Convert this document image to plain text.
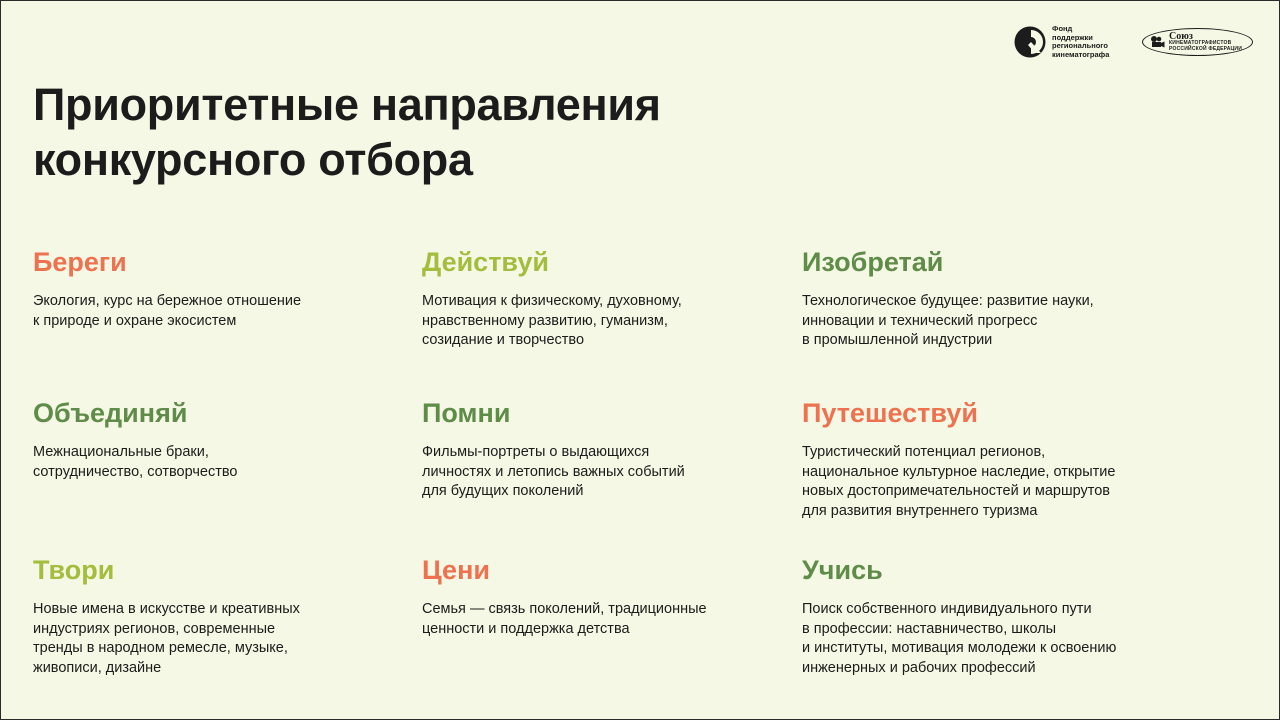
Фонд поддержки
регионального
кинематографа
Союз
КИНЕМАТОГРАФИСТОВ
РОССИЙСКОЙ ФЕДЕРАЦИИ
Приоритетные направления
конкурсного отбора
Береги

Экология, курс на бережное отношение
к природе и охране экосистем

Действуй

Мотивация к физическому, духовному,
нравственному развитию, гуманизм,
созидание и творчество

Изобретай

Технологическое будущее: развитие науки,
инновации и технический прогресс
в промышленной индустрии

Объединяй

Межнациональные браки,
сотрудничество, сотворчество

Помни

Фильмы-портреты о выдающихся
личностях и летопись важных событий
для будущих поколений

Путешествуй

Туристический потенциал регионов,
национальное культурное наследие, открытие
новых достопримечательностей и маршрутов
для развития внутреннего туризма

Твори

Новые имена в искусстве и креативных
индустриях регионов, современные
тренды в народном ремесле, музыке,
живописи, дизайне

Цени

Семья — связь поколений, традиционные
ценности и поддержка детства

Учись

Поиск собственного индивидуального пути
в профессии: наставничество, школы
и институты, мотивация молодежи к освоению
инженерных и рабочих профессий
